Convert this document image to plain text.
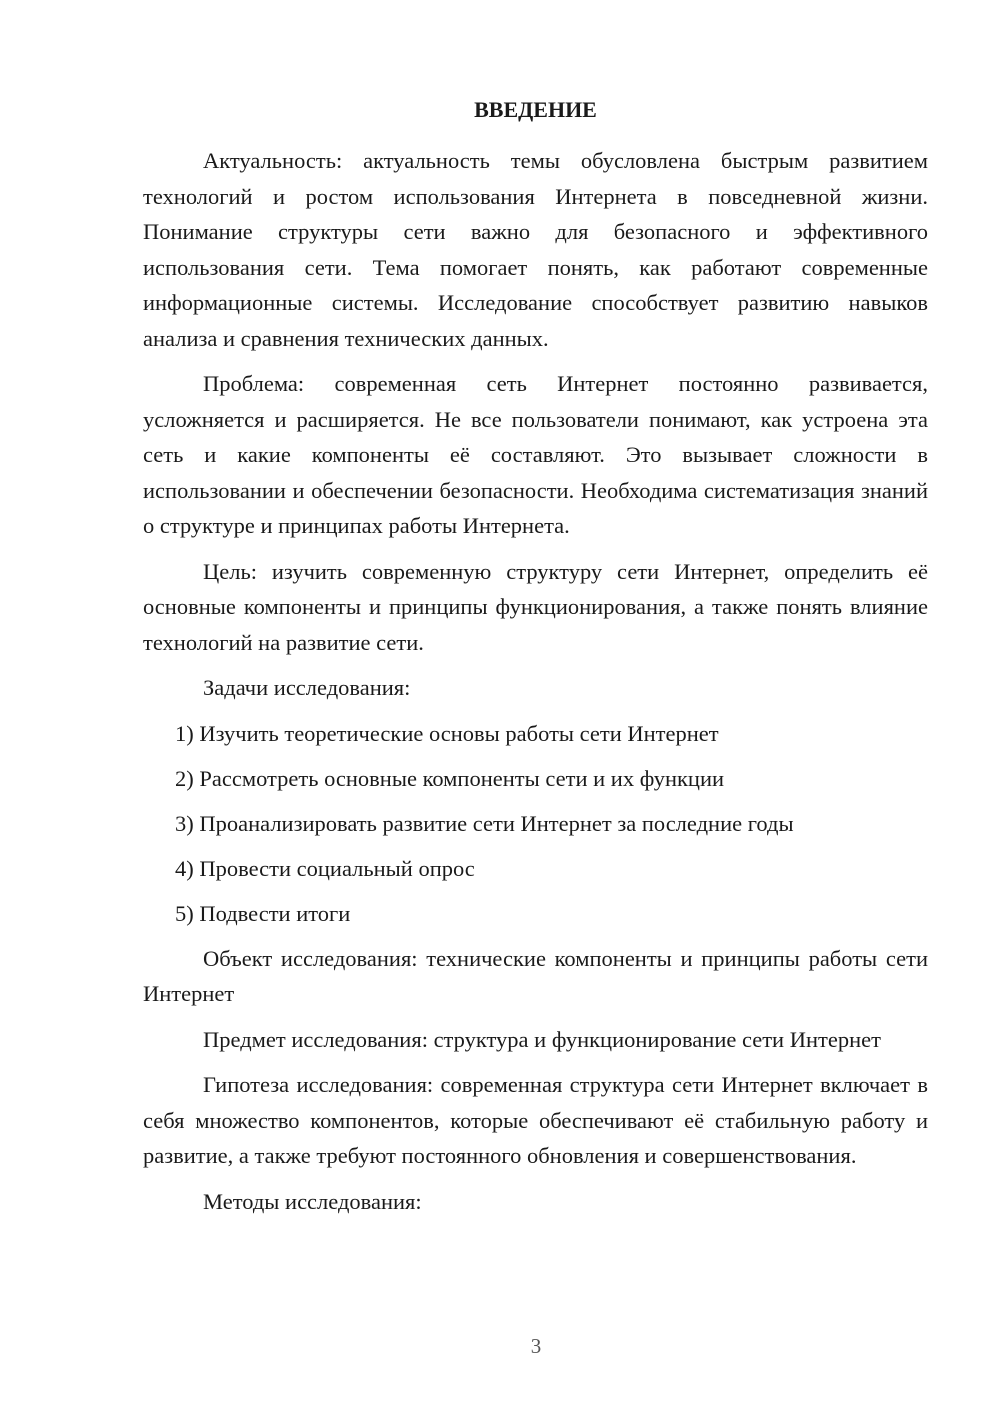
ВВЕДЕНИЕ

Актуальность: актуальность темы обусловлена быстрым развитием технологий и ростом использования Интернета в повседневной жизни. Понимание структуры сети важно для безопасного и эффективного использования сети. Тема помогает понять, как работают современные информационные системы. Исследование способствует развитию навыков анализа и сравнения технических данных.

Проблема: современная сеть Интернет постоянно развивается, усложняется и расширяется. Не все пользователи понимают, как устроена эта сеть и какие компоненты её составляют. Это вызывает сложности в использовании и обеспечении безопасности. Необходима систематизация знаний о структуре и принципах работы Интернета.

Цель: изучить современную структуру сети Интернет, определить её основные компоненты и принципы функционирования, а также понять влияние технологий на развитие сети.

Задачи исследования:

1) Изучить теоретические основы работы сети Интернет
2) Рассмотреть основные компоненты сети и их функции
3) Проанализировать развитие сети Интернет за последние годы
4) Провести социальный опрос
5) Подвести итоги

Объект исследования: технические компоненты и принципы работы сети Интернет

Предмет исследования: структура и функционирование сети Интернет

Гипотеза исследования: современная структура сети Интернет включает в себя множество компонентов, которые обеспечивают её стабильную работу и развитие, а также требуют постоянного обновления и совершенствования.

Методы исследования:

3
